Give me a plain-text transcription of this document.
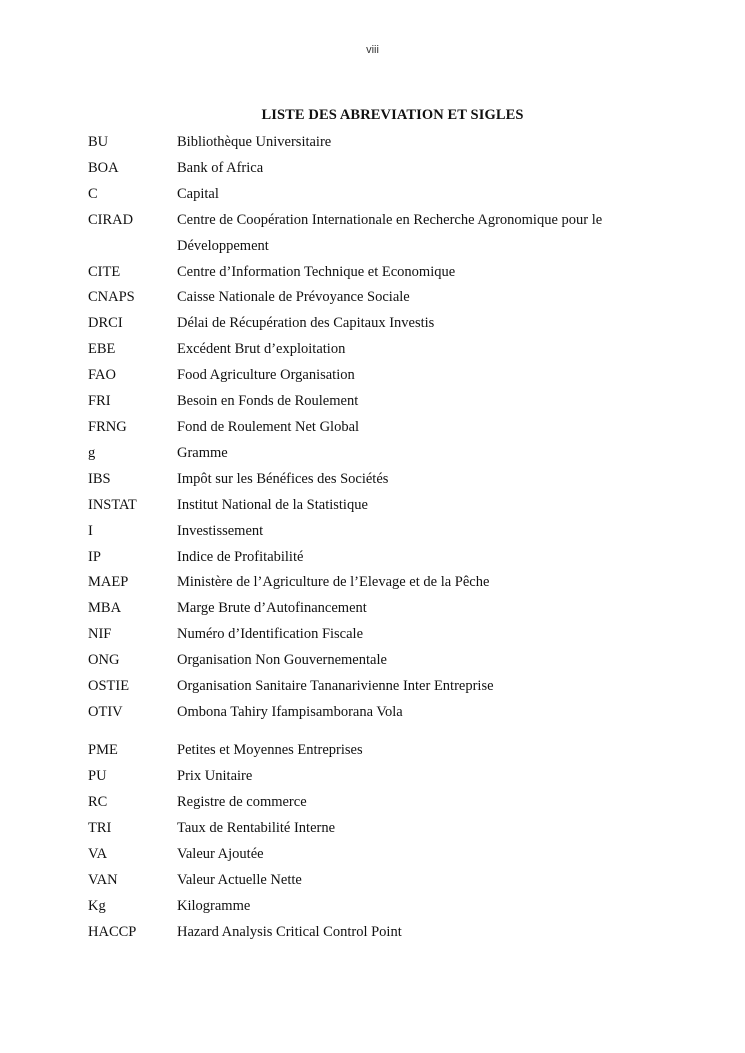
viii
LISTE DES ABREVIATION ET SIGLES
BU	Bibliothèque Universitaire
BOA	Bank of Africa
C	Capital
CIRAD	Centre de Coopération Internationale en Recherche Agronomique pour le Développement
CITE	Centre d’Information Technique et Economique
CNAPS	Caisse Nationale de Prévoyance Sociale
DRCI	Délai de Récupération des Capitaux Investis
EBE	Excédent Brut d’exploitation
FAO	Food Agriculture Organisation
FRI	Besoin en Fonds de Roulement
FRNG	Fond de Roulement Net Global
g	Gramme
IBS	Impôt sur les Bénéfices des Sociétés
INSTAT	Institut National de la Statistique
I	Investissement
IP	Indice de Profitabilité
MAEP	Ministère de l’Agriculture de l’Elevage et de la Pêche
MBA	Marge Brute d’Autofinancement
NIF	Numéro d’Identification Fiscale
ONG	Organisation Non Gouvernementale
OSTIE	Organisation Sanitaire Tananarivienne Inter Entreprise
OTIV	Ombona Tahiry Ifampisamborana Vola
PME	Petites et Moyennes Entreprises
PU	Prix Unitaire
RC	Registre de commerce
TRI	Taux de Rentabilité Interne
VA	Valeur Ajoutée
VAN	Valeur Actuelle Nette
Kg	Kilogramme
HACCP	Hazard Analysis Critical Control Point
